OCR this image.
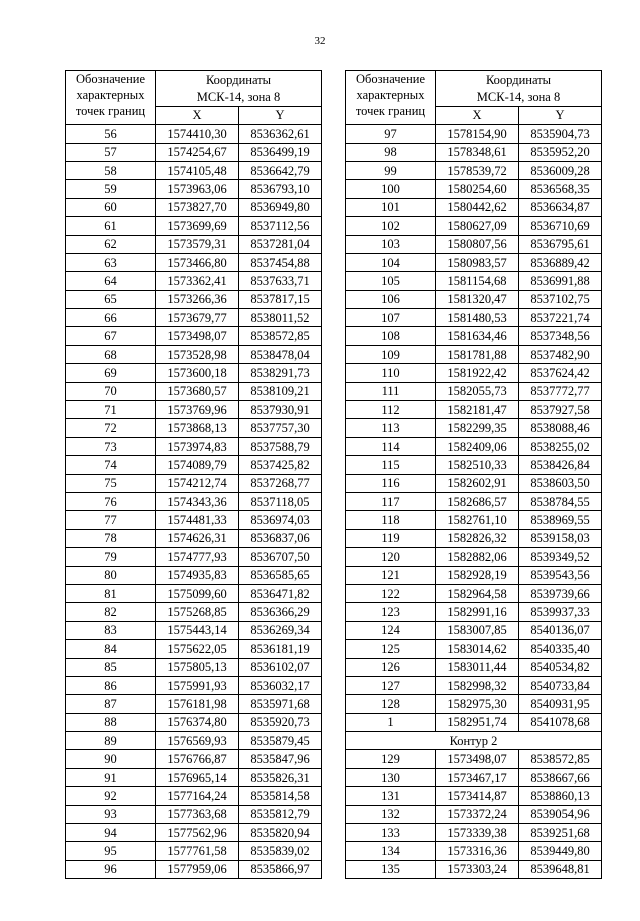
32
Обозначение
характерных
точек границ	Координаты	
	МСК-14, зона 8	
	X	Y
56	1574410,30	8536362,61
57	1574254,67	8536499,19
58	1574105,48	8536642,79
59	1573963,06	8536793,10
60	1573827,70	8536949,80
61	1573699,69	8537112,56
62	1573579,31	8537281,04
63	1573466,80	8537454,88
64	1573362,41	8537633,71
65	1573266,36	8537817,15
66	1573679,77	8538011,52
67	1573498,07	8538572,85
68	1573528,98	8538478,04
69	1573600,18	8538291,73
70	1573680,57	8538109,21
71	1573769,96	8537930,91
72	1573868,13	8537757,30
73	1573974,83	8537588,79
74	1574089,79	8537425,82
75	1574212,74	8537268,77
76	1574343,36	8537118,05
77	1574481,33	8536974,03
78	1574626,31	8536837,06
79	1574777,93	8536707,50
80	1574935,83	8536585,65
81	1575099,60	8536471,82
82	1575268,85	8536366,29
83	1575443,14	8536269,34
84	1575622,05	8536181,19
85	1575805,13	8536102,07
86	1575991,93	8536032,17
87	1576181,98	8535971,68
88	1576374,80	8535920,73
89	1576569,93	8535879,45
90	1576766,87	8535847,96
91	1576965,14	8535826,31
92	1577164,24	8535814,58
93	1577363,68	8535812,79
94	1577562,96	8535820,94
95	1577761,58	8535839,02
96	1577959,06	8535866,97
Обозначение
характерных
точек границ	Координаты	
	МСК-14, зона 8	
	X	Y
97	1578154,90	8535904,73
98	1578348,61	8535952,20
99	1578539,72	8536009,28
100	1580254,60	8536568,35
101	1580442,62	8536634,87
102	1580627,09	8536710,69
103	1580807,56	8536795,61
104	1580983,57	8536889,42
105	1581154,68	8536991,88
106	1581320,47	8537102,75
107	1581480,53	8537221,74
108	1581634,46	8537348,56
109	1581781,88	8537482,90
110	1581922,42	8537624,42
111	1582055,73	8537772,77
112	1582181,47	8537927,58
113	1582299,35	8538088,46
114	1582409,06	8538255,02
115	1582510,33	8538426,84
116	1582602,91	8538603,50
117	1582686,57	8538784,55
118	1582761,10	8538969,55
119	1582826,32	8539158,03
120	1582882,06	8539349,52
121	1582928,19	8539543,56
122	1582964,58	8539739,66
123	1582991,16	8539937,33
124	1583007,85	8540136,07
125	1583014,62	8540335,40
126	1583011,44	8540534,82
127	1582998,32	8540733,84
128	1582975,30	8540931,95
1	1582951,74	8541078,68
Контур 2		
129	1573498,07	8538572,85
130	1573467,17	8538667,66
131	1573414,87	8538860,13
132	1573372,24	8539054,96
133	1573339,38	8539251,68
134	1573316,36	8539449,80
135	1573303,24	8539648,81
